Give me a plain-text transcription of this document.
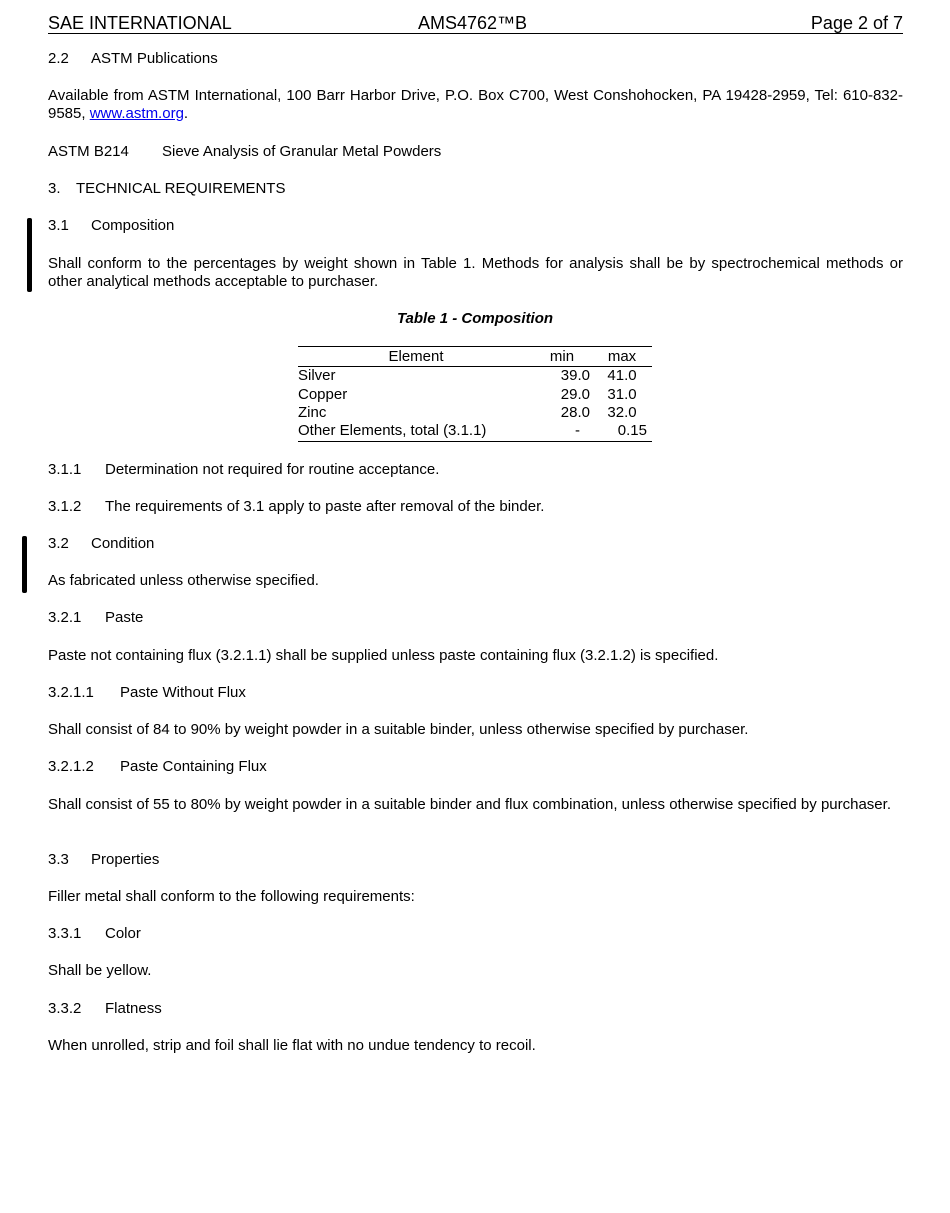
SAE INTERNATIONAL	AMS4762™B	Page 2 of 7
2.2 ASTM Publications
Available from ASTM International, 100 Barr Harbor Drive, P.O. Box C700, West Conshohocken, PA 19428-2959, Tel: 610-832-9585, www.astm.org.
ASTM B214 Sieve Analysis of Granular Metal Powders
3. TECHNICAL REQUIREMENTS
3.1 Composition
Shall conform to the percentages by weight shown in Table 1. Methods for analysis shall be by spectrochemical methods or other analytical methods acceptable to purchaser.
Table 1 - Composition
Element	min	max
Silver	39.0	41.0
Copper	29.0	31.0
Zinc	28.0	32.0
Other Elements, total (3.1.1)	-	0.15
3.1.1 Determination not required for routine acceptance.
3.1.2 The requirements of 3.1 apply to paste after removal of the binder.
3.2 Condition
As fabricated unless otherwise specified.
3.2.1 Paste
Paste not containing flux (3.2.1.1) shall be supplied unless paste containing flux (3.2.1.2) is specified.
3.2.1.1 Paste Without Flux
Shall consist of 84 to 90% by weight powder in a suitable binder, unless otherwise specified by purchaser.
3.2.1.2 Paste Containing Flux
Shall consist of 55 to 80% by weight powder in a suitable binder and flux combination, unless otherwise specified by purchaser.
3.3 Properties
Filler metal shall conform to the following requirements:
3.3.1 Color
Shall be yellow.
3.3.2 Flatness
When unrolled, strip and foil shall lie flat with no undue tendency to recoil.
